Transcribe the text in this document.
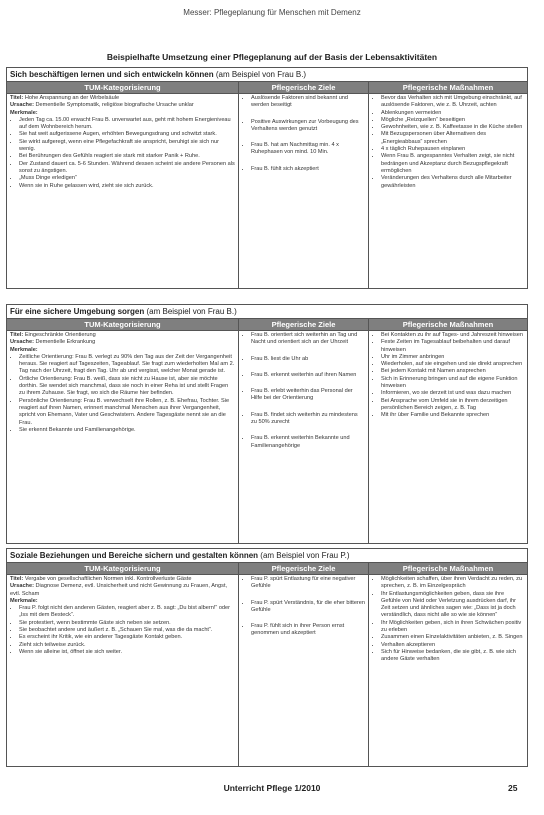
Messer: Pflegeplanung für Menschen mit Demenz
Beispielhafte Umsetzung einer Pflegeplanung auf der Basis der Lebensaktivitäten
Sich beschäftigen lernen und sich entwickeln können (am Beispiel von Frau B.)
TUM-Kategorisierung

Titel: Hohe Anspannung an der Wirbelsäule

Ursache: Dementielle Symptomatik, religiöse biografische Ursache unklar

Merkmale:

• Jeden Tag ca. 15.00 erwacht Frau B. unverwartet aus, geht mit hohem Energieniveau auf dem Wohnbereich herum.
• Sie hat weit aufgerissene Augen, erhöhten Bewegungsdrang und schwitzt stark.
• Sie wirkt aufgeregt, wenn eine Pflegefachkraft sie anspricht, beruhigt sie sich nur wenig.
• Bei Berührungen des Gefühls reagiert sie stark mit starker Panik + Ruhe.
• Der Zustand dauert ca. 5-6 Stunden. Während dessen scheint sie andere Personen als sonst zu ängstigen.
• „Muss Dinge erledigen“
• Wenn sie in Ruhe gelassen wird, zieht sie sich zurück.
Pflegerische Ziele
• Auslösende Faktoren sind bekannt und werden beseitigt
• Positive Auswirkungen zur Vorbeugung des Verhaltens werden genutzt
• Frau B. hat am Nachmittag min. 4 x Ruhephasen von mind. 10 Min.
• Frau B. fühlt sich akzeptiert
Pflegerische Maßnahmen
• Bevor das Verhalten sich mit Umgebung einschränkt, auf auslösende Faktoren, wie z. B. Uhrzeit, achten
• Ablenkungen vermeiden
• Mögliche „Reizquellen“ beseitigen
• Gewohnheiten, wie z. B. Kaffeetasse in die Küche stellen
• Mit Bezugspersonen über Alternativen des „Energieabbaus“ sprechen
• 4 x täglich Ruhepausen einplanen
• Wenn Frau B. angespanntes Verhalten zeigt, sie nicht bedrängen und Akzeptanz durch Bezugspflegekraft ermöglichen
• Veränderungen des Verhaltens durch alle Mitarbeiter gewährleisten
Für eine sichere Umgebung sorgen (am Beispiel von Frau B.)
TUM-Kategorisierung

Titel: Eingeschränkte Orientierung

Ursache: Dementielle Erkrankung

Merkmale:

• Zeitliche Orientierung: Frau B. verlegt zu 90% den Tag aus der Zeit der Vergangenheit heraus. Sie reagiert auf Tageszeiten, Tageablauf. Sie fragt zum wiederholten Mal am 2. Tag nach der Uhrzeit, fragt den Tag. Uhr ab und vergisst, welcher Monat gerade ist.
• Örtliche Orientierung: Frau B. weiß, dass sie nicht zu Hause ist, aber sie möchte dorthin. Sie wendet sich manchmal, dass sie noch in einer Reha ist und stellt Fragen zu ihrem Zuhause. Sie fragt, wo sich die Räume hier befinden.
• Persönliche Orientierung: Frau B. verwechselt ihre Rollen, z. B. Ehefrau, Tochter. Sie reagiert auf ihren Namen, erinnert manchmal Menschen aus ihrer Vergangenheit, spricht von Ehemann, Vater und Geschwistern. Andere Tagesgäste nennt sie an die Frau.
• Sie erkennt Bekannte und Familienangehörige.
Pflegerische Ziele
• Frau B. orientiert sich weiterhin an Tag und Nacht und orientiert sich an der Uhrzeit
• Frau B. liest die Uhr ab
• Frau B. erkennt weiterhin auf ihren Namen
• Frau B. erlebt weiterhin das Personal der Hilfe bei der Orientierung
• Frau B. findet sich weiterhin zu mindestens zu 50% zurecht
• Frau B. erkennt weiterhin Bekannte und Familienangehörige
Pflegerische Maßnahmen
• Bei Kontakten zu ihr auf Tages- und Jahreszeit hinweisen
• Feste Zeiten im Tagesablauf beibehalten und darauf hinweisen
• Uhr im Zimmer anbringen
• Wiederholen, auf sie eingehen und sie direkt ansprechen
• Bei jedem Kontakt mit Namen ansprechen
• Sich in Erinnerung bringen und auf die eigene Funktion hinweisen
• Informieren, wo sie derzeit ist und was dazu machen
• Bei Ansprache vom Umfeld sie in ihrem derzeitigen persönlichen Bereich zeigen, z. B. Tag
• Mit ihr über Familie und Bekannte sprechen
Soziale Beziehungen und Bereiche sichern und gestalten können (am Beispiel von Frau P.)
TUM-Kategorisierung

Titel: Vergabe von gesellschaftlichen Normen inkl. Kontrollverluste Gäste

Ursache: Diagnose Demenz, evtl. Unsicherheit und nicht Gewinnung zu Frauen, Angst, evtl. Scham

Merkmale:

• Frau P. folgt nicht den anderen Gästen, reagiert aber z. B. sagt: „Du bist albern!“ oder „Iss mit dem Besteck“.
• Sie protestiert, wenn bestimmte Gäste sich neben sie setzen.
• Sie beobachtet andere und äußert z. B. „Schauen Sie mal, was die da macht“.
• Es erscheint ihr Kritik, wie ein anderer Tagesgäste Kontakt geben.
• Zieht sich teilweise zurück.
• Wenn sie alleine ist, öffnet sie sich weiter.
Pflegerische Ziele
• Frau P. spürt Entlastung für eine negativer Gefühle
• Frau P. spürt Verständnis, für die eher bitteren Gefühle
• Frau P. fühlt sich in ihrer Person ernst genommen und akzeptiert
Pflegerische Maßnahmen
• Möglichkeiten schaffen, über ihren Verdacht zu reden, zu sprechen, z. B. im Einzelgespräch
• Ihr Entlastungsmöglichkeiten geben, dass sie ihre Gefühle von Neid oder Verletzung ausdrücken darf, ihr Zeit setzen und ähnliches sagen wie: „Dass ist ja doch verständlich, dass nicht alle so wie sie können“
• Ihr Möglichkeiten geben, sich in ihren Schwächen positiv zu erleben
• Zusammen einen Einzelaktivitäten anbieten, z. B. Singen
• Verhalten akzeptieren
• Sich für Hinweise bedanken, die sie gibt, z. B. wie sich andere Gäste verhalten
Unterricht Pflege 1/2010	25
